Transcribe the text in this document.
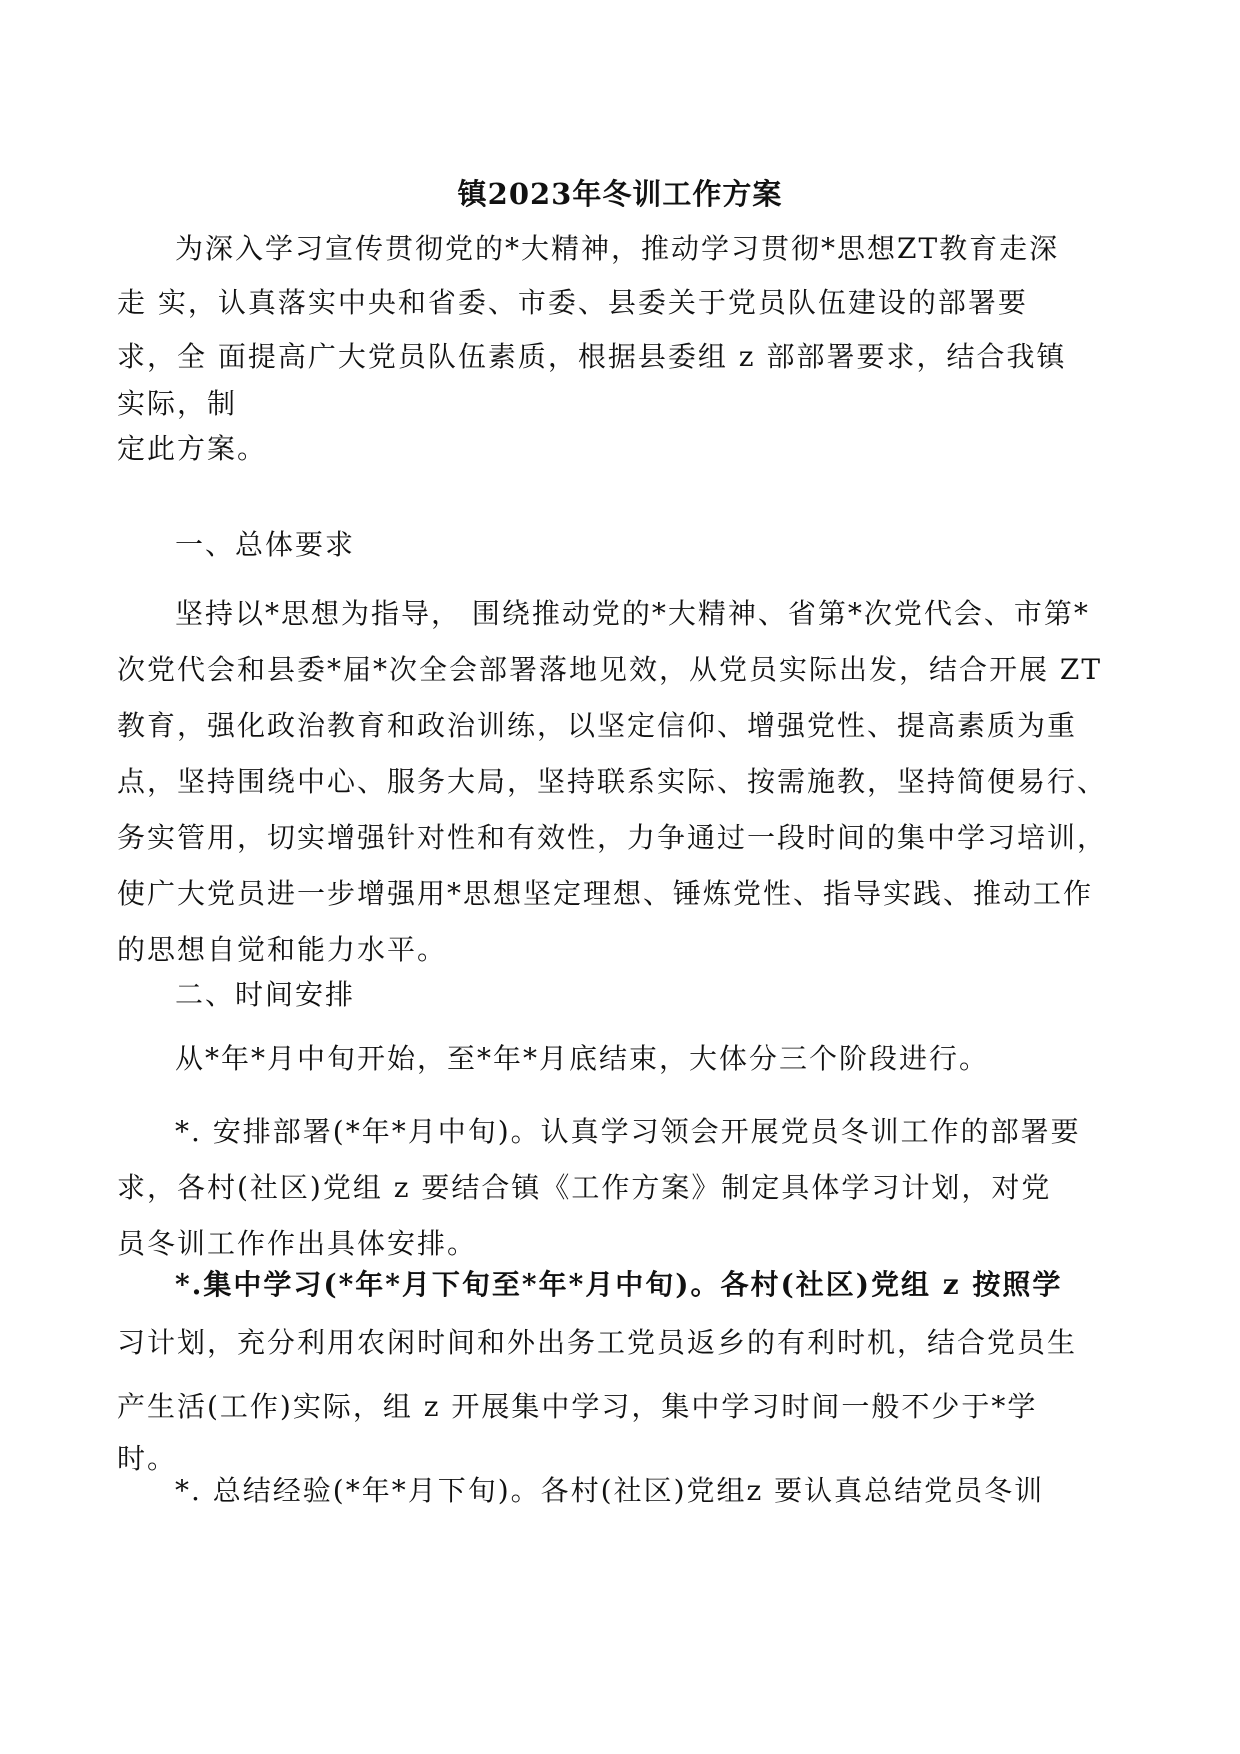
镇2023年冬训工作方案
为深入学习宣传贯彻党的*大精神，推动学习贯彻*思想ZT教育走深
走 实，认真落实中央和省委、市委、县委关于党员队伍建设的部署要
求，全 面提高广大党员队伍素质，根据县委组 z 部部署要求，结合我镇
实际，制
定此方案。
一、总体要求
坚持以*思想为指导， 围绕推动党的*大精神、省第*次党代会、市第*
次党代会和县委*届*次全会部署落地见效，从党员实际出发，结合开展 ZT
教育，强化政治教育和政治训练，以坚定信仰、增强党性、提高素质为重
点，坚持围绕中心、服务大局，坚持联系实际、按需施教，坚持简便易行、
务实管用，切实增强针对性和有效性，力争通过一段时间的集中学习培训，
使广大党员进一步增强用*思想坚定理想、锤炼党性、指导实践、推动工作
的思想自觉和能力水平。
二、时间安排
从*年*月中旬开始，至*年*月底结束，大体分三个阶段进行。
*. 安排部署(*年*月中旬)。认真学习领会开展党员冬训工作的部署要
求，各村(社区)党组 z 要结合镇《工作方案》制定具体学习计划，对党
员冬训工作作出具体安排。
*.集中学习(*年*月下旬至*年*月中旬)。各村(社区)党组 z 按照学
习计划，充分利用农闲时间和外出务工党员返乡的有利时机，结合党员生
产生活(工作)实际，组 z 开展集中学习，集中学习时间一般不少于*学
时。
*. 总结经验(*年*月下旬)。各村(社区)党组z 要认真总结党员冬训
